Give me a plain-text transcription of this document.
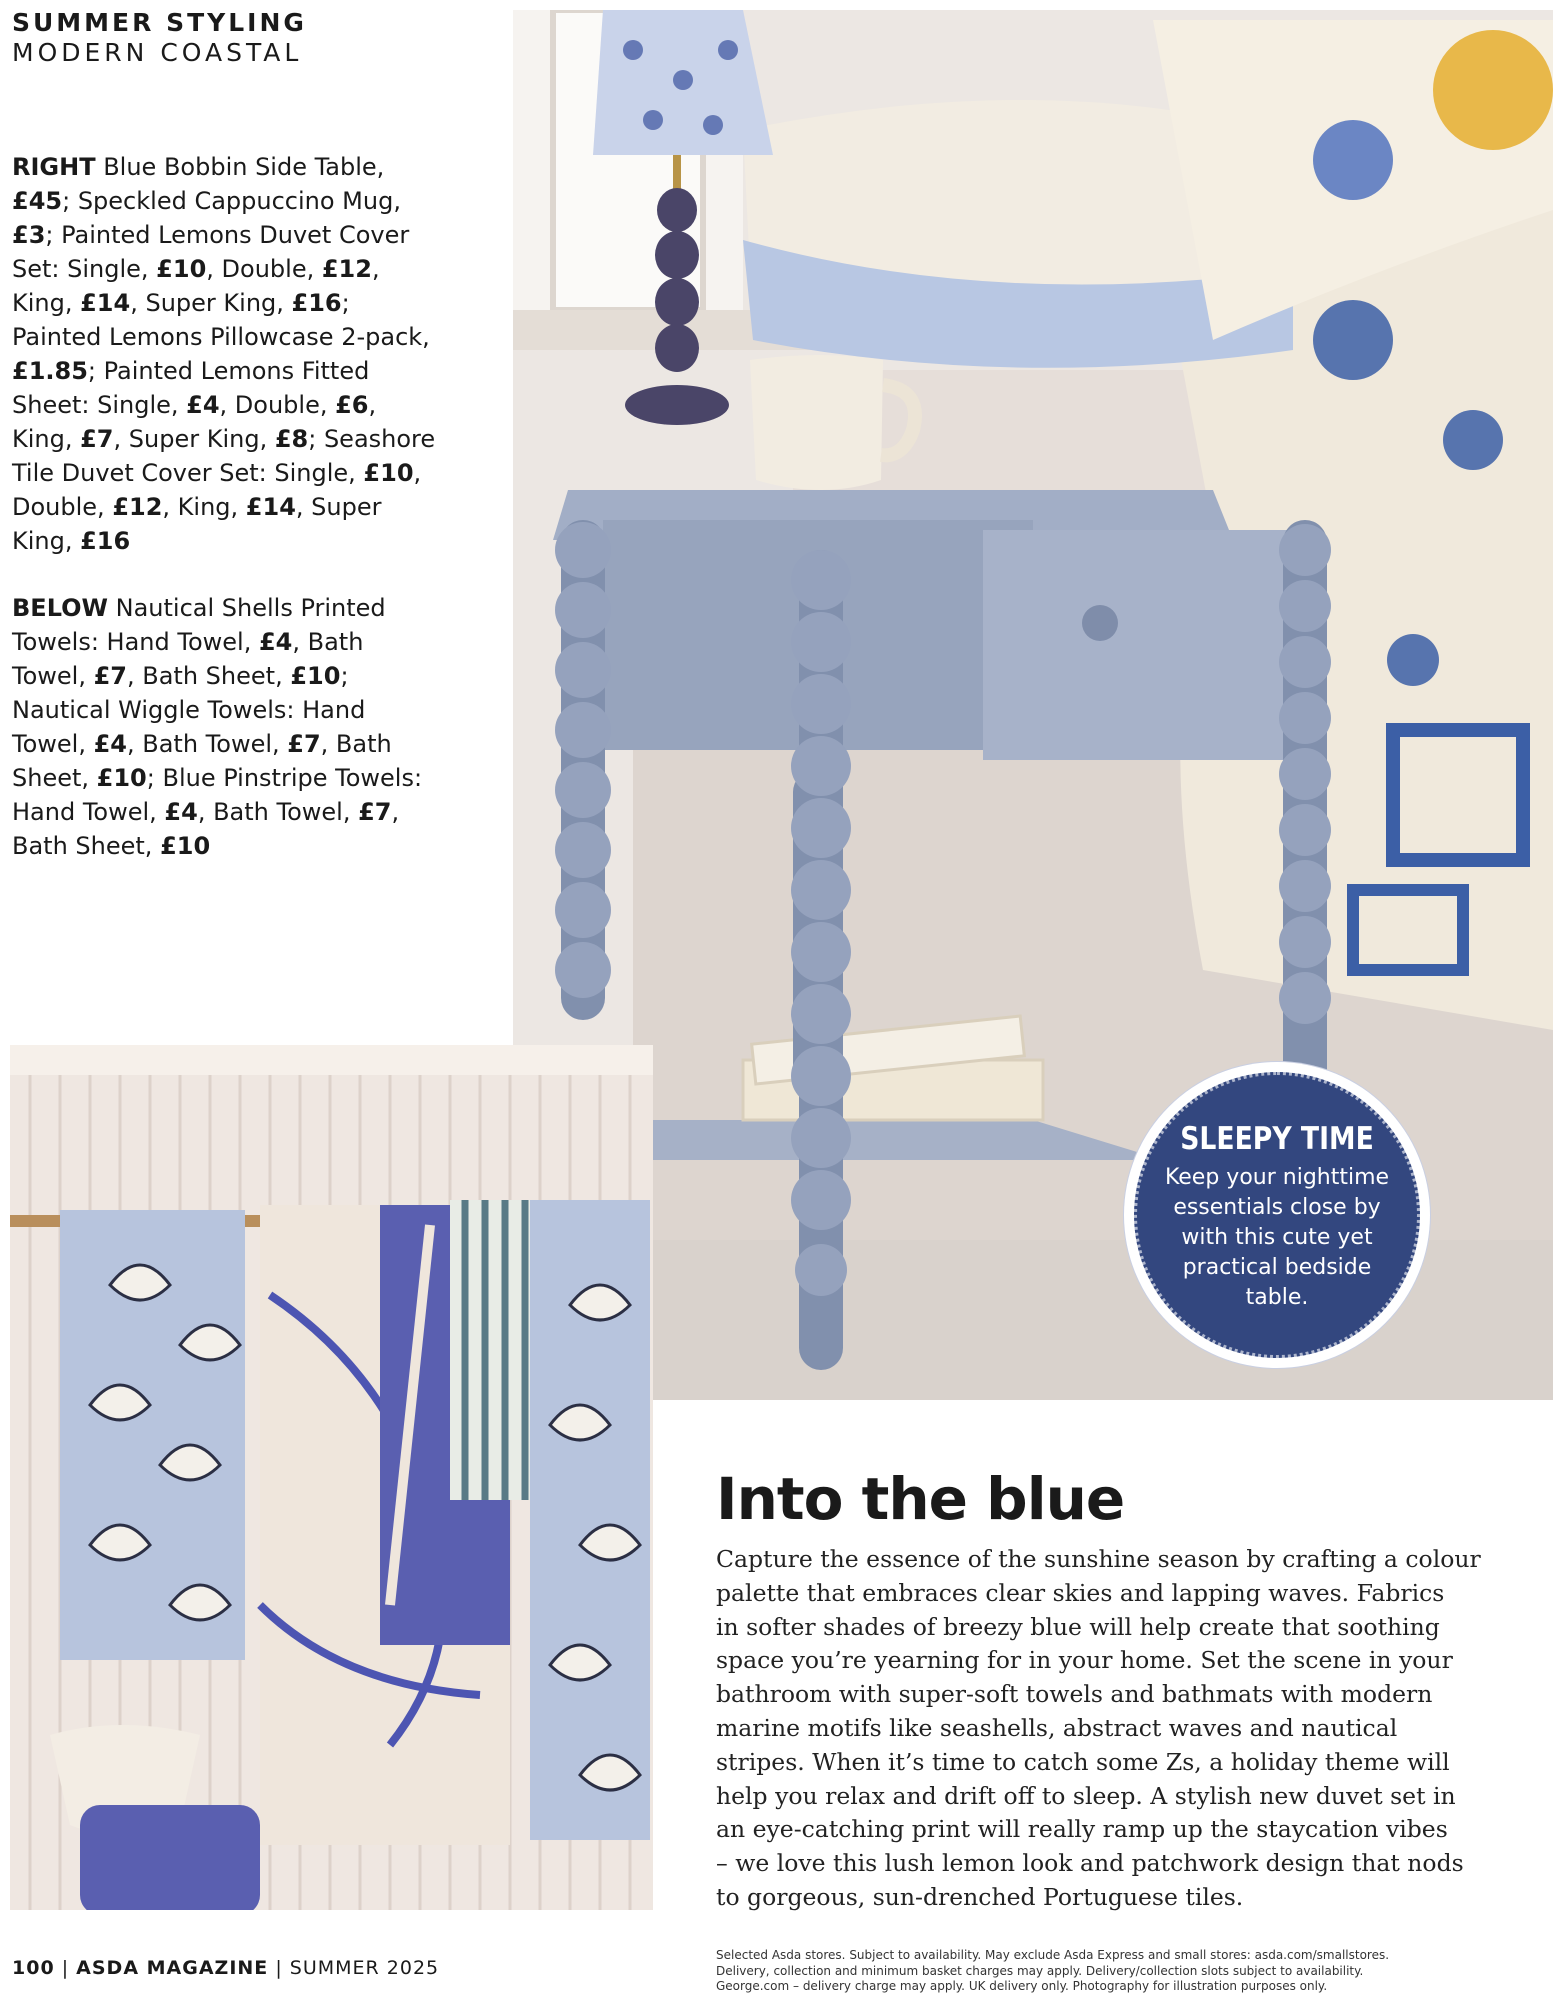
SUMMER STYLING
MODERN COASTAL
RIGHT Blue Bobbin Side Table, £45; Speckled Cappuccino Mug, £3; Painted Lemons Duvet Cover Set: Single, £10, Double, £12, King, £14, Super King, £16; Painted Lemons Pillowcase 2-pack, £1.85; Painted Lemons Fitted Sheet: Single, £4, Double, £6, King, £7, Super King, £8; Seashore Tile Duvet Cover Set: Single, £10, Double, £12, King, £14, Super King, £16
BELOW Nautical Shells Printed Towels: Hand Towel, £4, Bath Towel, £7, Bath Sheet, £10; Nautical Wiggle Towels: Hand Towel, £4, Bath Towel, £7, Bath Sheet, £10; Blue Pinstripe Towels: Hand Towel, £4, Bath Towel, £7, Bath Sheet, £10
SLEEPY TIME
Keep your nighttime essentials close by with this cute yet practical bedside table.
Into the blue
Capture the essence of the sunshine season by crafting a colour
palette that embraces clear skies and lapping waves. Fabrics
in softer shades of breezy blue will help create that soothing
space you’re yearning for in your home. Set the scene in your
bathroom with super-soft towels and bathmats with modern
marine motifs like seashells, abstract waves and nautical
stripes. When it’s time to catch some Zs, a holiday theme will
help you relax and drift off to sleep. A stylish new duvet set in
an eye-catching print will really ramp up the staycation vibes
– we love this lush lemon look and patchwork design that nods
to gorgeous, sun-drenched Portuguese tiles.
100 | ASDA MAGAZINE | SUMMER 2025
Selected Asda stores. Subject to availability. May exclude Asda Express and small stores: asda.com/smallstores.
Delivery, collection and minimum basket charges may apply. Delivery/collection slots subject to availability.
George.com – delivery charge may apply. UK delivery only. Photography for illustration purposes only.
